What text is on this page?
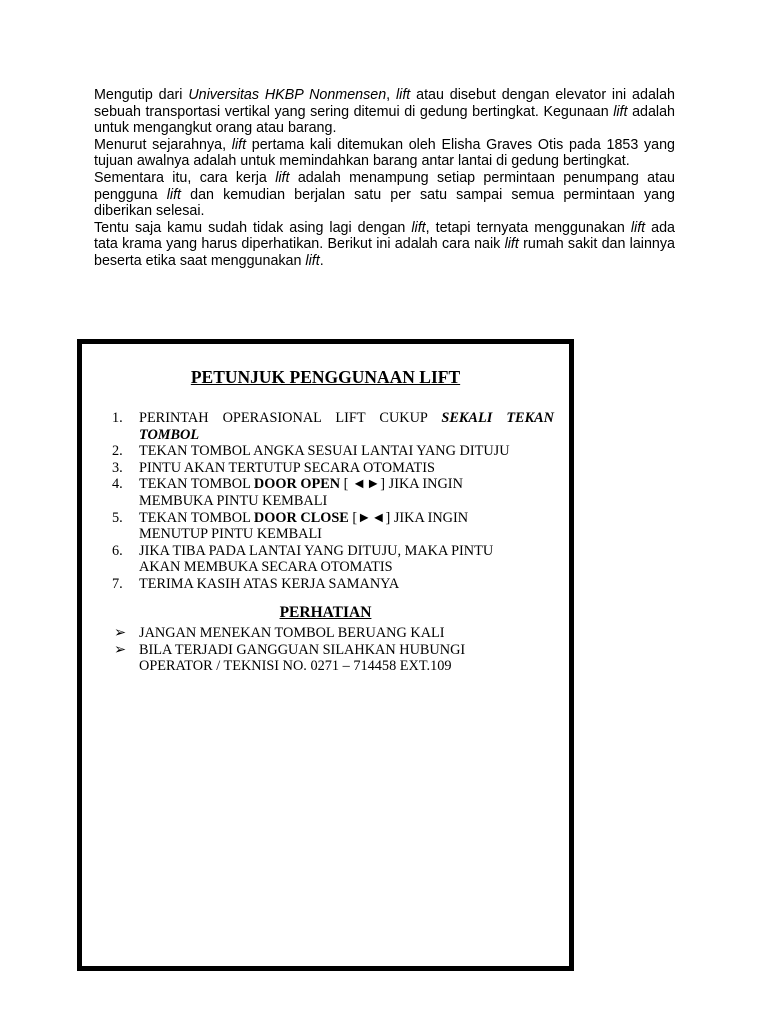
Mengutip dari Universitas HKBP Nonmensen, lift atau disebut dengan elevator ini adalah sebuah transportasi vertikal yang sering ditemui di gedung bertingkat. Kegunaan lift adalah untuk mengangkut orang atau barang.

Menurut sejarahnya, lift pertama kali ditemukan oleh Elisha Graves Otis pada 1853 yang tujuan awalnya adalah untuk memindahkan barang antar lantai di gedung bertingkat.

Sementara itu, cara kerja lift adalah menampung setiap permintaan penumpang atau pengguna lift dan kemudian berjalan satu per satu sampai semua permintaan yang diberikan selesai.

Tentu saja kamu sudah tidak asing lagi dengan lift, tetapi ternyata menggunakan lift ada tata krama yang harus diperhatikan. Berikut ini adalah cara naik lift rumah sakit dan lainnya beserta etika saat menggunakan lift.

PETUNJUK PENGGUNAAN LIFT
1. PERINTAH OPERASIONAL LIFT CUKUP SEKALI TEKAN TOMBOL
2. TEKAN TOMBOL ANGKA SESUAI LANTAI YANG DITUJU
3. PINTU AKAN TERTUTUP SECARA OTOMATIS
4. TEKAN TOMBOL DOOR OPEN [ ◄►] JIKA INGIN
MEMBUKA PINTU KEMBALI
5. TEKAN TOMBOL DOOR CLOSE [►◄] JIKA INGIN
MENUTUP PINTU KEMBALI
6. JIKA TIBA PADA LANTAI YANG DITUJU, MAKA PINTU
AKAN MEMBUKA SECARA OTOMATIS
7. TERIMA KASIH ATAS KERJA SAMANYA
PERHATIAN
➢ JANGAN MENEKAN TOMBOL BERUANG KALI
➢ BILA TERJADI GANGGUAN SILAHKAN HUBUNGI
OPERATOR / TEKNISI NO. 0271 – 714458 EXT.109
